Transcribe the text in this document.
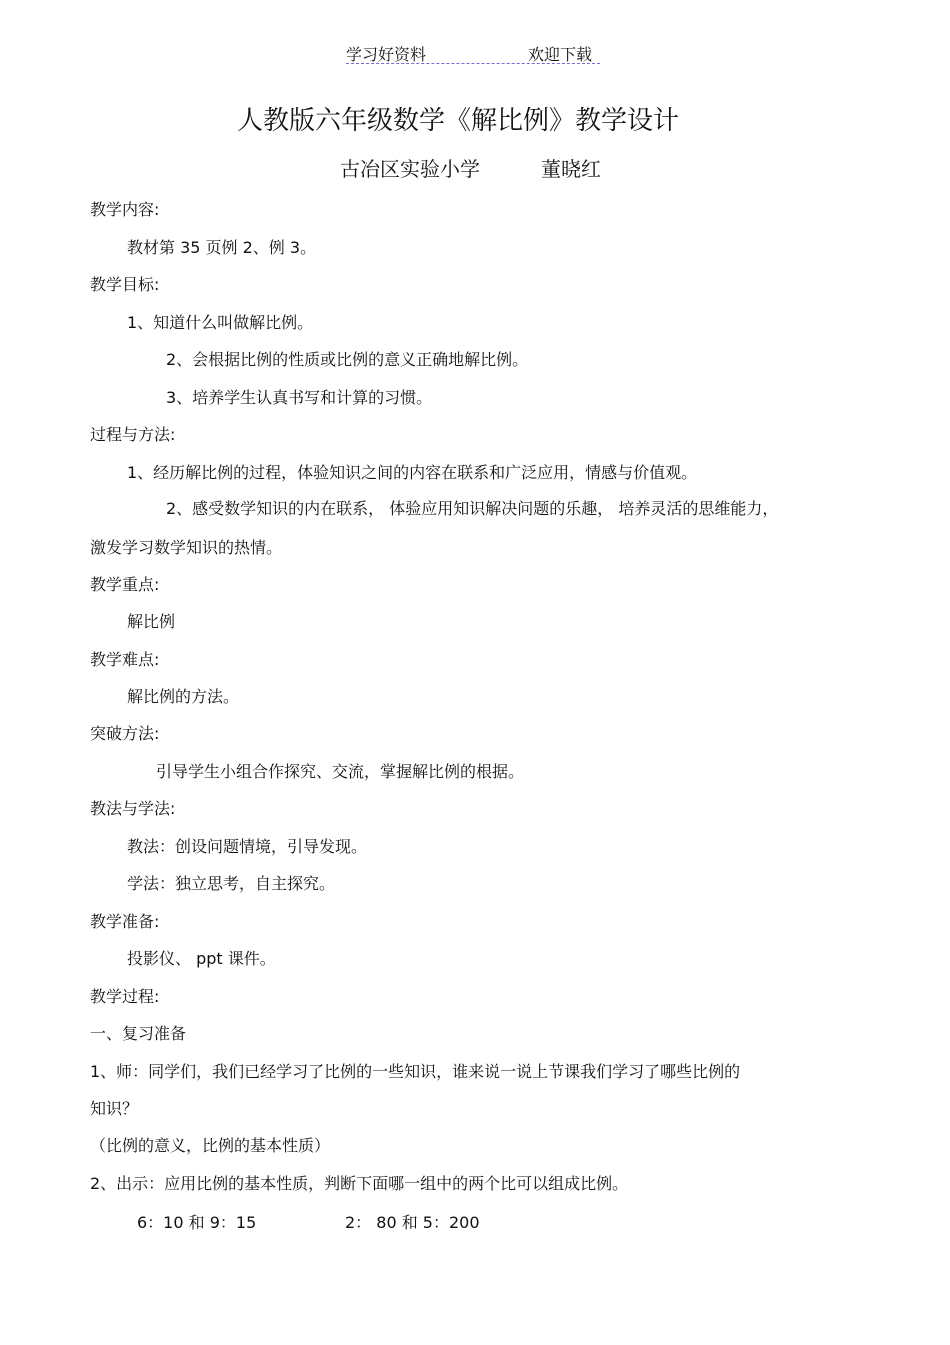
学习好资料	欢迎下载
人教版六年级数学《解比例》教学设计
古冶区实验小学	董晓红
教学内容:
教材第 35 页例 2、例 3。
教学目标:
1、知道什么叫做解比例。
2、会根据比例的性质或比例的意义正确地解比例。
3、培养学生认真书写和计算的习惯。
过程与方法:
1、经历解比例的过程，体验知识之间的内容在联系和广泛应用，情感与价值观。
2、感受数学知识的内在联系， 体验应用知识解决问题的乐趣， 培养灵活的思维能力，
激发学习数学知识的热情。
教学重点:
解比例
教学难点:
解比例的方法。
突破方法:
引导学生小组合作探究、交流，掌握解比例的根据。
教法与学法:
教法：创设问题情境，引导发现。
学法：独立思考，自主探究。
教学准备:
投影仪、 ppt 课件。
教学过程:
一、复习准备
1、师：同学们，我们已经学习了比例的一些知识，谁来说一说上节课我们学习了哪些比例的
知识？
（比例的意义，比例的基本性质）
2、出示：应用比例的基本性质，判断下面哪一组中的两个比可以组成比例。
6：10 和 9：15	2： 80 和 5：200
